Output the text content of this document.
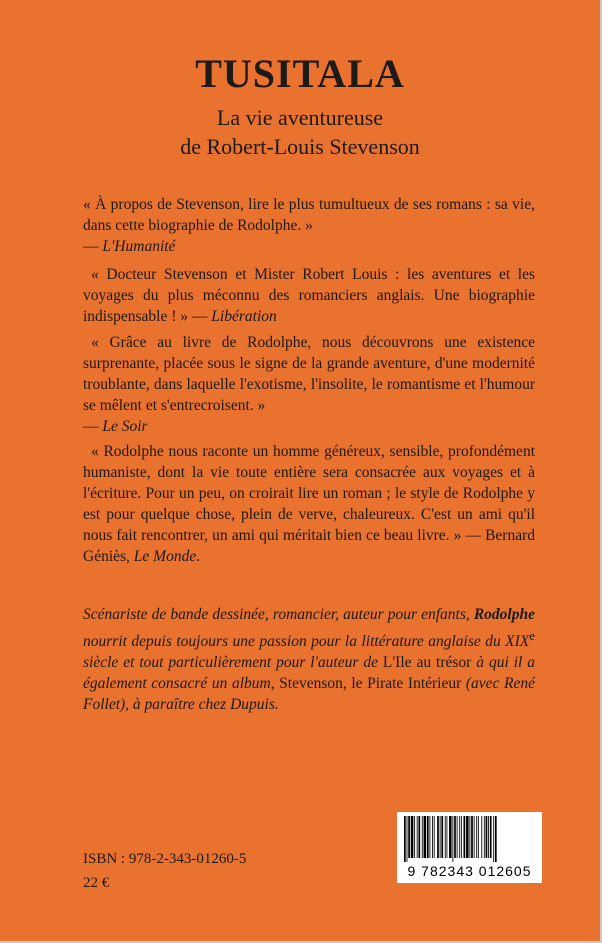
TUSITALA
La vie aventureuse
de Robert-Louis Stevenson
« À propos de Stevenson, lire le plus tumultueux de ses romans : sa vie, dans cette biographie de Rodolphe. »
— L'Humanité
« Docteur Stevenson et Mister Robert Louis : les aventures et les voyages du plus méconnu des romanciers anglais. Une biographie indispensable ! » — Libération
« Grâce au livre de Rodolphe, nous découvrons une existence surprenante, placée sous le signe de la grande aventure, d'une modernité troublante, dans laquelle l'exotisme, l'insolite, le romantisme et l'humour se mêlent et s'entrecroisent. »
— Le Soir
« Rodolphe nous raconte un homme généreux, sensible, profondément humaniste, dont la vie toute entière sera consacrée aux voyages et à l'écriture. Pour un peu, on croirait lire un roman ; le style de Rodolphe y est pour quelque chose, plein de verve, chaleureux. C'est un ami qu'il nous fait rencontrer, un ami qui méritait bien ce beau livre. » — Bernard Géniès, Le Monde.
Scénariste de bande dessinée, romancier, auteur pour enfants, Rodolphe nourrit depuis toujours une passion pour la littérature anglaise du XIXe siècle et tout particulièrement pour l'auteur de L'Ile au trésor à qui il a également consacré un album, Stevenson, le Pirate Intérieur (avec René Follet), à paraître chez Dupuis.
ISBN : 978-2-343-01260-5
22 €
9 782343 012605
